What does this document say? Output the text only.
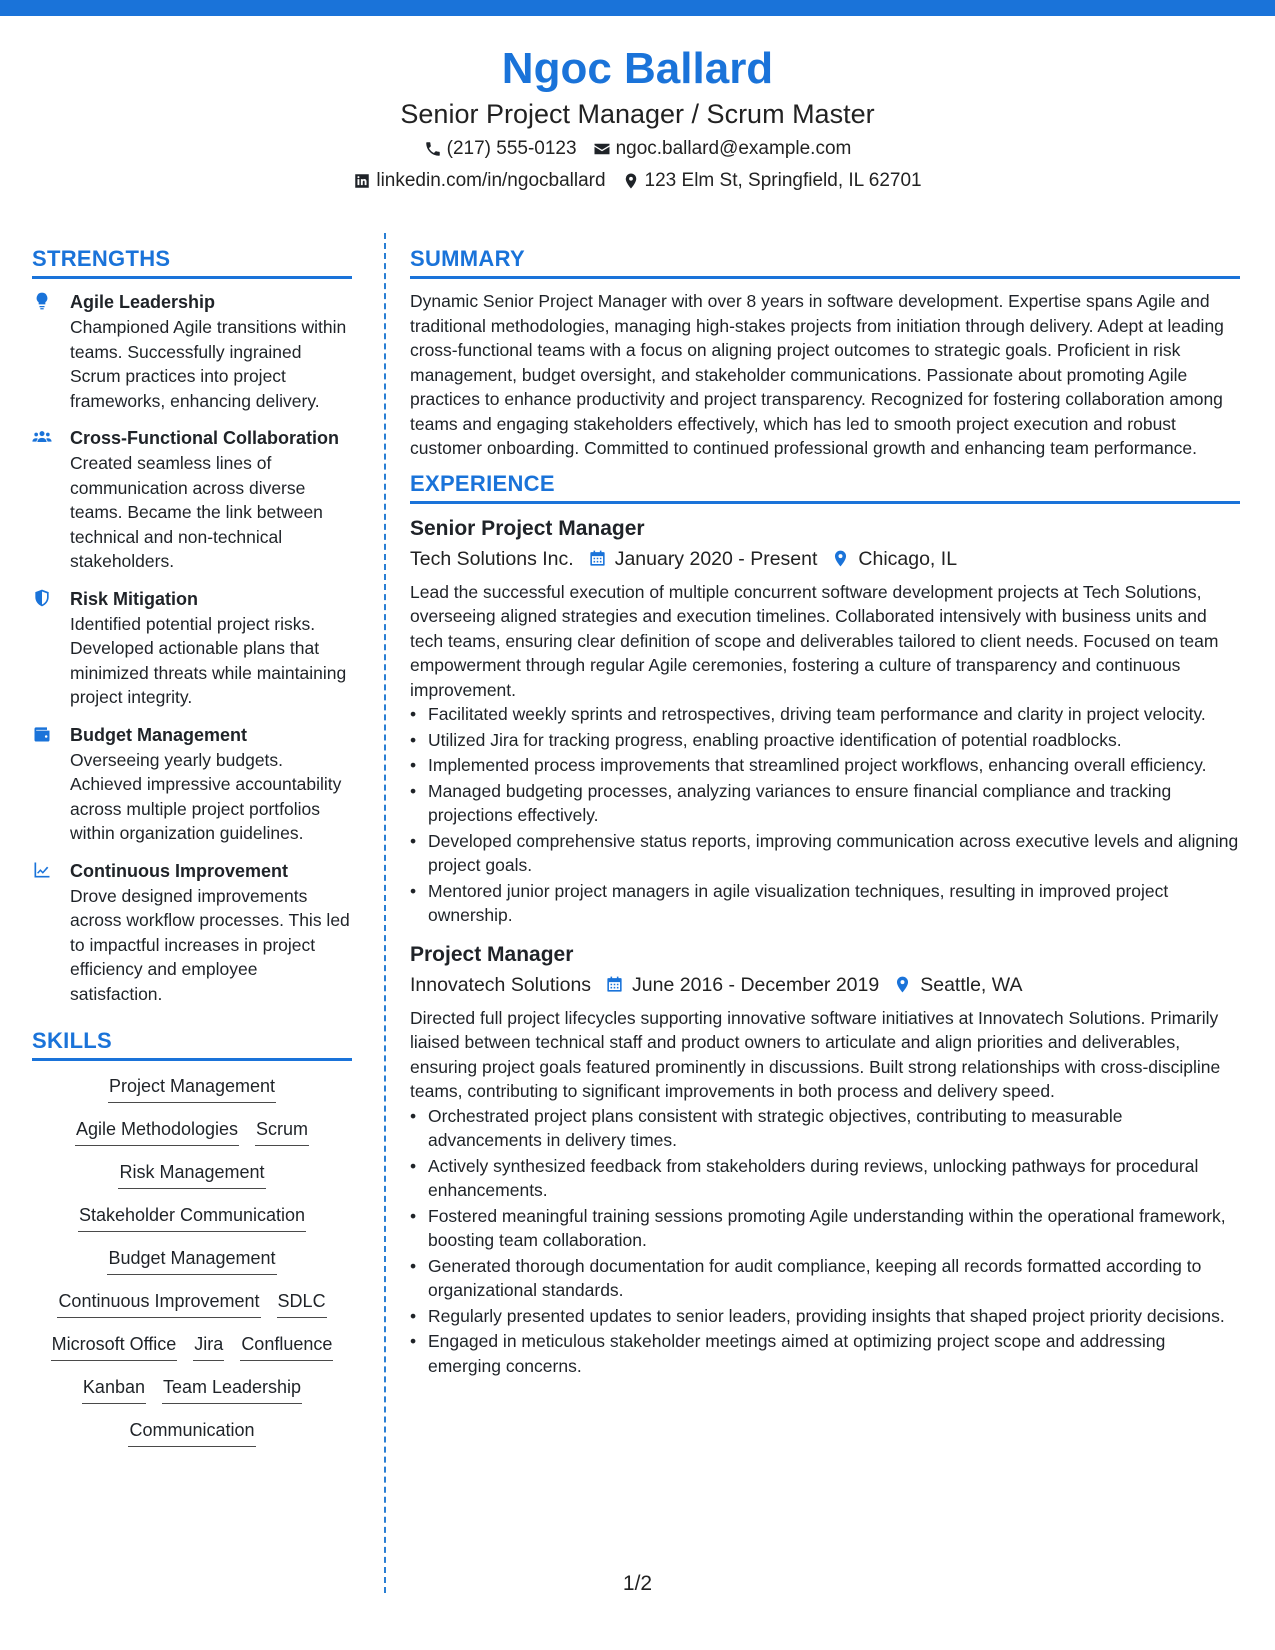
Ngoc Ballard
Senior Project Manager / Scrum Master
(217) 555-0123 ngoc.ballard@example.com
linkedin.com/in/ngocballard 123 Elm St, Springfield, IL 62701
STRENGTHS
Agile Leadership
Championed Agile transitions within teams. Successfully ingrained Scrum practices into project frameworks, enhancing delivery.
Cross-Functional Collaboration
Created seamless lines of communication across diverse teams. Became the link between technical and non-technical stakeholders.
Risk Mitigation
Identified potential project risks. Developed actionable plans that minimized threats while maintaining project integrity.
Budget Management
Overseeing yearly budgets. Achieved impressive accountability across multiple project portfolios within organization guidelines.
Continuous Improvement
Drove designed improvements across workflow processes. This led to impactful increases in project efficiency and employee satisfaction.
SKILLS
Project Management
Agile Methodologies Scrum
Risk Management
Stakeholder Communication
Budget Management
Continuous Improvement SDLC
Microsoft Office Jira Confluence
Kanban Team Leadership
Communication
SUMMARY

Dynamic Senior Project Manager with over 8 years in software development. Expertise spans Agile and traditional methodologies, managing high-stakes projects from initiation through delivery. Adept at leading cross-functional teams with a focus on aligning project outcomes to strategic goals. Proficient in risk management, budget oversight, and stakeholder communications. Passionate about promoting Agile practices to enhance productivity and project transparency. Recognized for fostering collaboration among teams and engaging stakeholders effectively, which has led to smooth project execution and robust customer onboarding. Committed to continued professional growth and enhancing team performance.

EXPERIENCE
Senior Project Manager
Tech Solutions Inc. January 2020 - Present Chicago, IL

Lead the successful execution of multiple concurrent software development projects at Tech Solutions, overseeing aligned strategies and execution timelines. Collaborated intensively with business units and tech teams, ensuring clear definition of scope and deliverables tailored to client needs. Focused on team empowerment through regular Agile ceremonies, fostering a culture of transparency and continuous improvement.

• Facilitated weekly sprints and retrospectives, driving team performance and clarity in project velocity.
• Utilized Jira for tracking progress, enabling proactive identification of potential roadblocks.
• Implemented process improvements that streamlined project workflows, enhancing overall efficiency.
• Managed budgeting processes, analyzing variances to ensure financial compliance and tracking projections effectively.
• Developed comprehensive status reports, improving communication across executive levels and aligning project goals.
• Mentored junior project managers in agile visualization techniques, resulting in improved project ownership.
Project Manager
Innovatech Solutions June 2016 - December 2019 Seattle, WA

Directed full project lifecycles supporting innovative software initiatives at Innovatech Solutions. Primarily liaised between technical staff and product owners to articulate and align priorities and deliverables, ensuring project goals featured prominently in discussions. Built strong relationships with cross-discipline teams, contributing to significant improvements in both process and delivery speed.

• Orchestrated project plans consistent with strategic objectives, contributing to measurable advancements in delivery times.
• Actively synthesized feedback from stakeholders during reviews, unlocking pathways for procedural enhancements.
• Fostered meaningful training sessions promoting Agile understanding within the operational framework, boosting team collaboration.
• Generated thorough documentation for audit compliance, keeping all records formatted according to organizational standards.
• Regularly presented updates to senior leaders, providing insights that shaped project priority decisions.
• Engaged in meticulous stakeholder meetings aimed at optimizing project scope and addressing emerging concerns.
1/2
